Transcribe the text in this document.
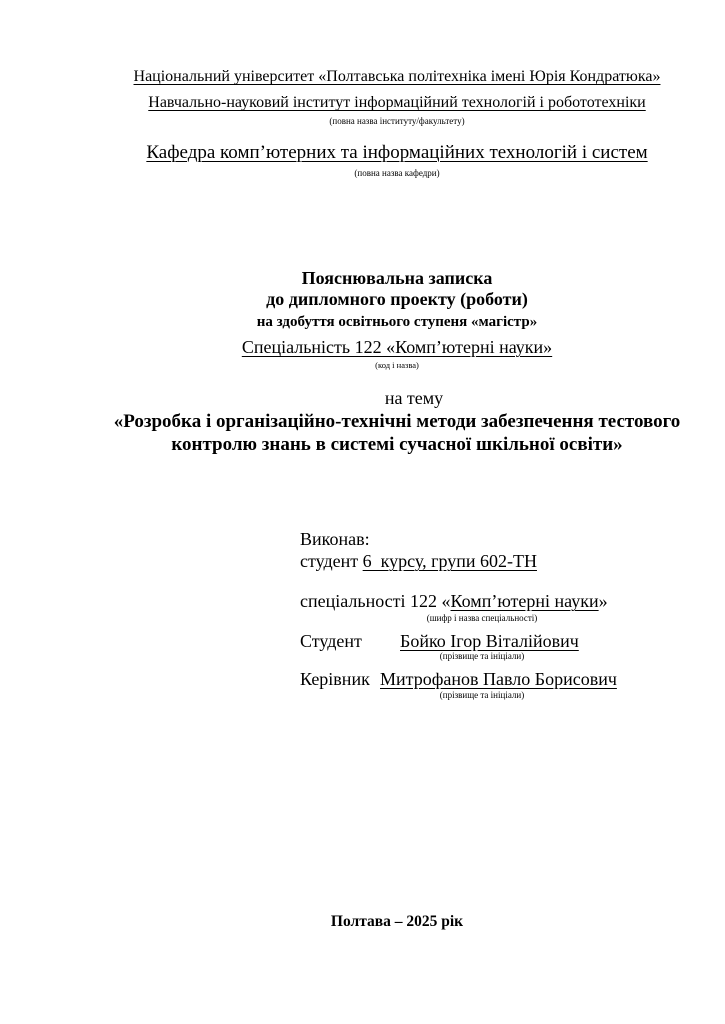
Національний університет «Полтавська політехніка імені Юрія Кондратюка»
Навчально-науковий інститут інформаційний технологій і робототехніки
(повна назва інституту/факультету)
Кафедра комп’ютерних та інформаційних технологій і систем
(повна назва кафедри)
Пояснювальна записка
до дипломного проекту (роботи)
на здобуття освітнього ступеня «магістр»
Спеціальність 122 «Комп’ютерні науки»
(код і назва)
на тему
«Розробка і організаційно-технічні методи забезпечення тестового
контролю знань в системі сучасної шкільної освіти»
Виконав:
студент 6  курсу, групи 602-ТН
спеціальності 122 «Комп’ютерні науки»
(шифр і назва спеціальності)
Студент	Бойко Ігор Віталійович
(прізвище та ініціали)
Керівник Митрофанов Павло Борисович
(прізвище та ініціали)
Полтава – 2025 рік
